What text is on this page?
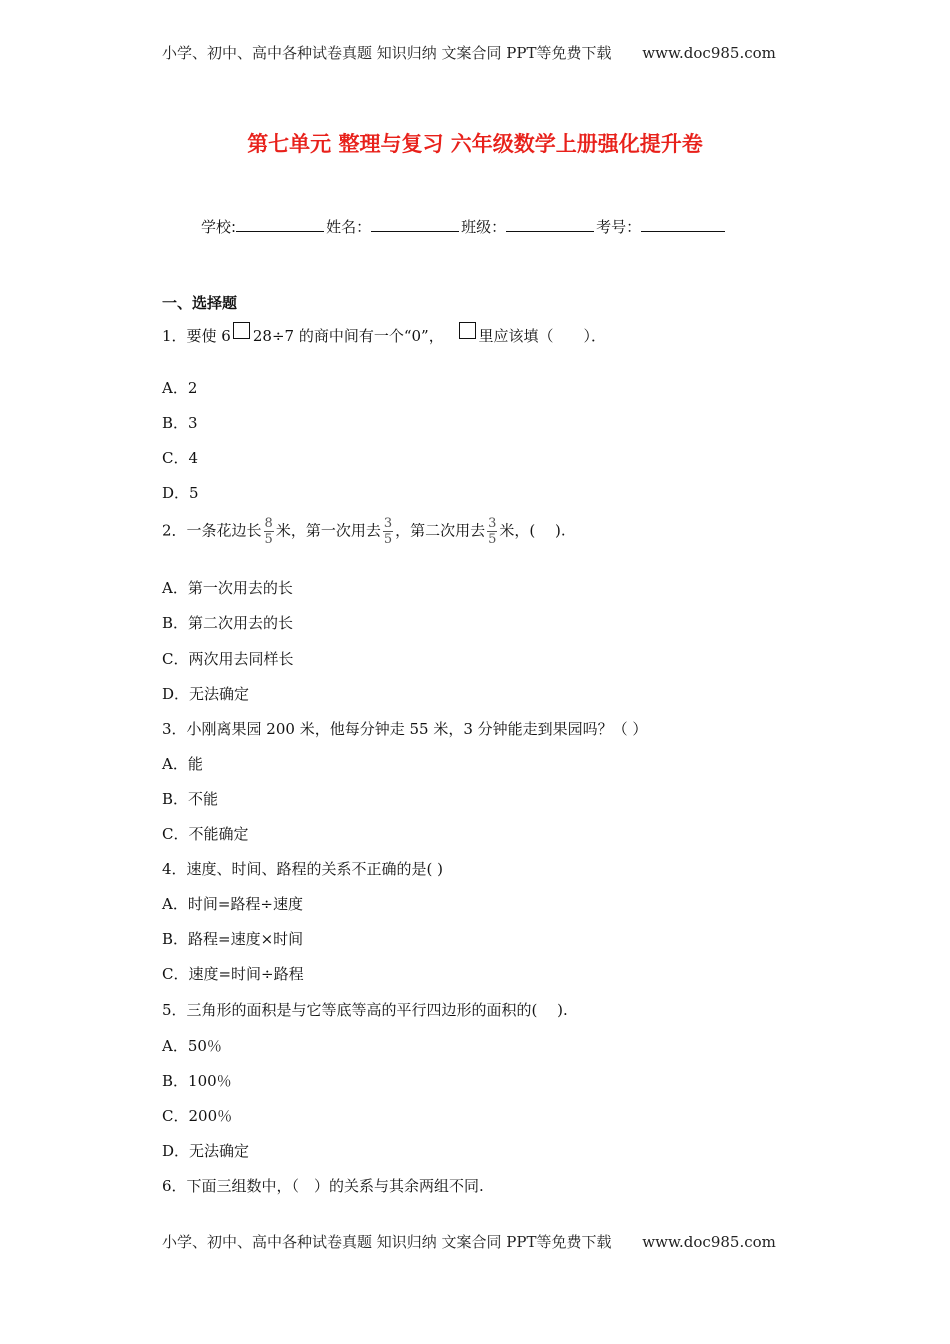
小学、初中、高中各种试卷真题 知识归纳 文案合同 PPT等免费下载 www.doc985.com
第七单元 整理与复习 六年级数学上册强化提升卷
学校:	姓名：	班级：	考号：
一、选择题
1．要使 6 28÷7 的商中间有一个“0”， 里应该填（　　）．
A．2
B．3
C．4
D．5
2．一条花边长 $\frac{8}{5}$ 米，第一次用去 $\frac{3}{5}$ ，第二次用去 $\frac{3}{5}$ 米，(　 ).
A．第一次用去的长
B．第二次用去的长
C．两次用去同样长
D．无法确定
3．小刚离果园 200 米，他每分钟走 55 米，3 分钟能走到果园吗？（ ）
A．能
B．不能
C．不能确定
4．速度、时间、路程的关系不正确的是( )
A．时间=路程÷速度
B．路程=速度×时间
C．速度=时间÷路程
5．三角形的面积是与它等底等高的平行四边形的面积的(　 ).
A．50％
B．100％
C．200％
D．无法确定
6．下面三组数中，（　）的关系与其余两组不同.
小学、初中、高中各种试卷真题 知识归纳 文案合同 PPT等免费下载 www.doc985.com
